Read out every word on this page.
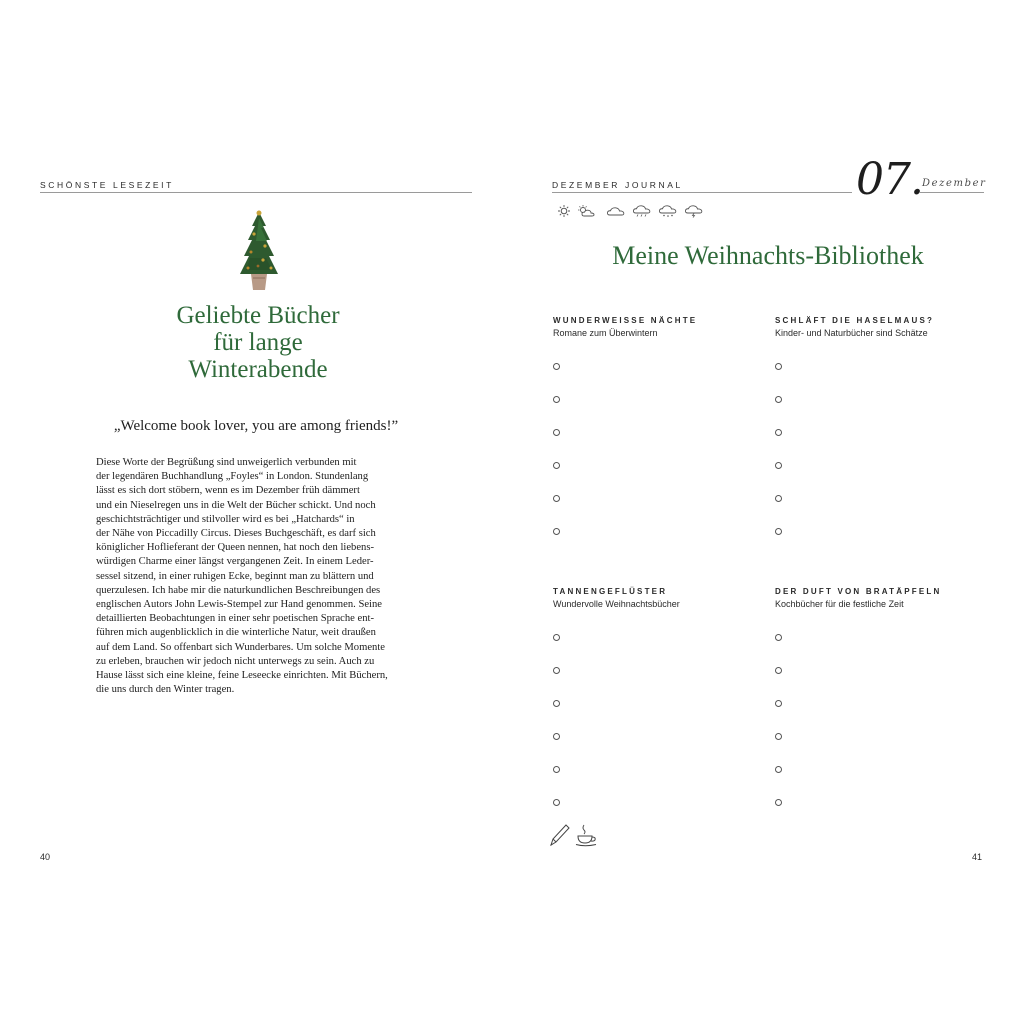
SCHÖNSTE LESEZEIT
Geliebte Bücher
für lange
Winterabende
„Welcome book lover, you are among friends!”
Diese Worte der Begrüßung sind unweigerlich verbunden mit
der legendären Buchhandlung „Foyles“ in London. Stundenlang
lässt es sich dort stöbern, wenn es im Dezember früh dämmert
und ein Nieselregen uns in die Welt der Bücher schickt. Und noch
geschichtsträchtiger und stilvoller wird es bei „Hatchards“ in
der Nähe von Piccadilly Circus. Dieses Buchgeschäft, es darf sich
königlicher Hoflieferant der Queen nennen, hat noch den liebens-
würdigen Charme einer längst vergangenen Zeit. In einem Leder-
sessel sitzend, in einer ruhigen Ecke, beginnt man zu blättern und
querzulesen. Ich habe mir die naturkundlichen Beschreibungen des
englischen Autors John Lewis-Stempel zur Hand genommen. Seine
detaillierten Beobachtungen in einer sehr poetischen Sprache ent-
führen mich augenblicklich in die winterliche Natur, weit draußen
auf dem Land. So offenbart sich Wunderbares. Um solche Momente
zu erleben, brauchen wir jedoch nicht unterwegs zu sein. Auch zu
Hause lässt sich eine kleine, feine Leseecke einrichten. Mit Büchern,
die uns durch den Winter tragen.
40
DEZEMBER JOURNAL	07. Dezember
Meine Weihnachts-Bibliothek
WUNDERWEISSE NÄCHTE
Romane zum Überwintern
SCHLÄFT DIE HASELMAUS?
Kinder- und Naturbücher sind Schätze
TANNENGEFLÜSTER
Wundervolle Weihnachtsbücher
DER DUFT VON BRATÄPFELN
Kochbücher für die festliche Zeit
41
